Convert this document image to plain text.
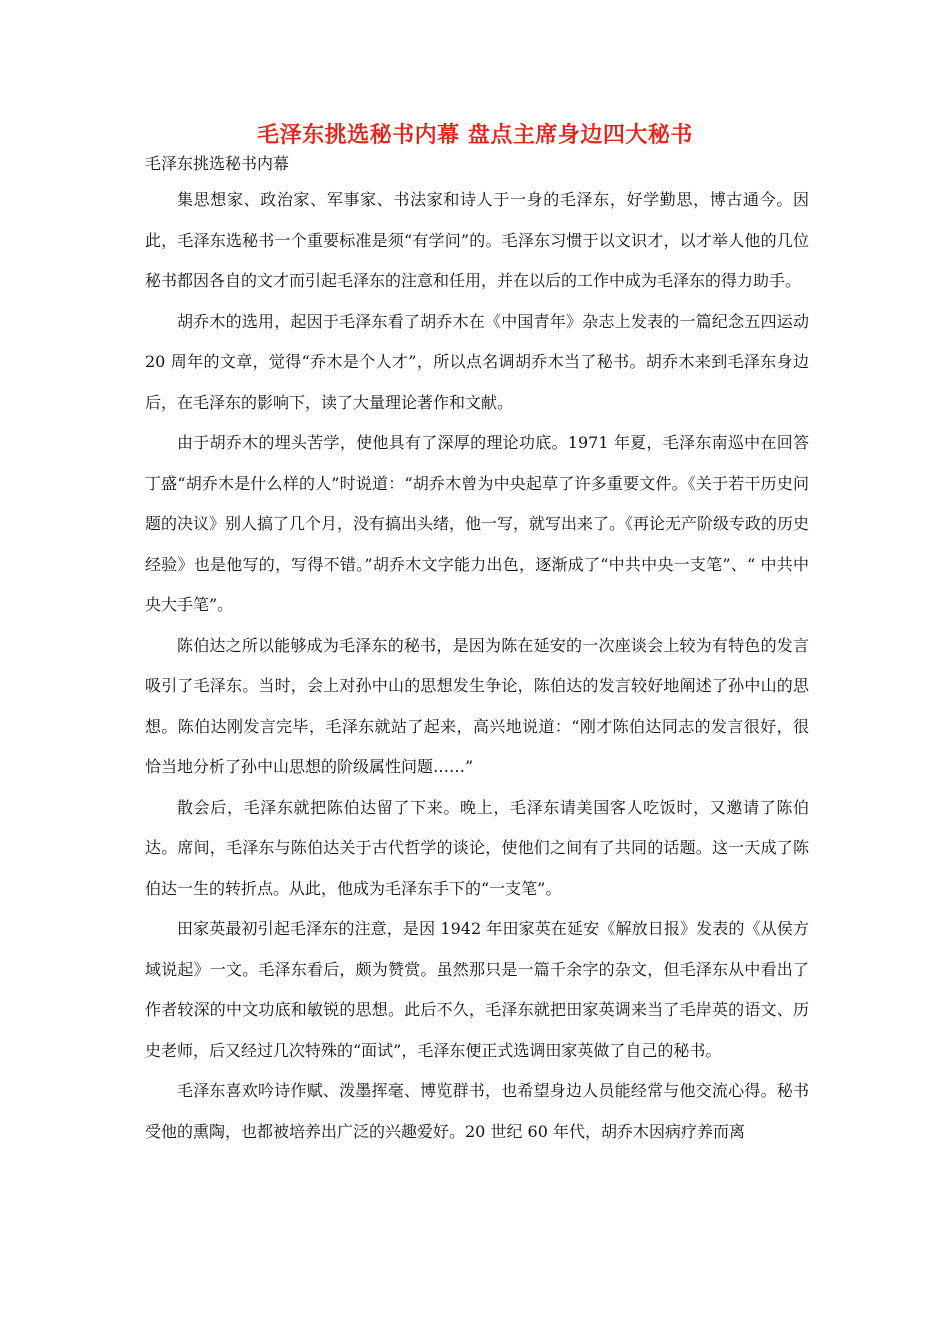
毛泽东挑选秘书内幕 盘点主席身边四大秘书
毛泽东挑选秘书内幕

集思想家、政治家、军事家、书法家和诗人于一身的毛泽东，好学勤思，博古通今。因此，毛泽东选秘书一个重要标准是须“有学问”的。毛泽东习惯于以文识才，以才举人他的几位秘书都因各自的文才而引起毛泽东的注意和任用，并在以后的工作中成为毛泽东的得力助手。

胡乔木的选用，起因于毛泽东看了胡乔木在《中国青年》杂志上发表的一篇纪念五四运动 20 周年的文章，觉得“乔木是个人才”，所以点名调胡乔木当了秘书。胡乔木来到毛泽东身边后，在毛泽东的影响下，读了大量理论著作和文献。

由于胡乔木的埋头苦学，使他具有了深厚的理论功底。1971 年夏，毛泽东南巡中在回答丁盛“胡乔木是什么样的人”时说道：“胡乔木曾为中央起草了许多重要文件。《关于若干历史问题的决议》别人搞了几个月，没有搞出头绪，他一写，就写出来了。《再论无产阶级专政的历史经验》也是他写的，写得不错。”胡乔木文字能力出色，逐渐成了“中共中央一支笔”、“ 中共中央大手笔”。

陈伯达之所以能够成为毛泽东的秘书，是因为陈在延安的一次座谈会上较为有特色的发言吸引了毛泽东。当时，会上对孙中山的思想发生争论，陈伯达的发言较好地阐述了孙中山的思想。陈伯达刚发言完毕，毛泽东就站了起来，高兴地说道：“刚才陈伯达同志的发言很好，很恰当地分析了孙中山思想的阶级属性问题……”

散会后，毛泽东就把陈伯达留了下来。晚上，毛泽东请美国客人吃饭时，又邀请了陈伯达。席间，毛泽东与陈伯达关于古代哲学的谈论，使他们之间有了共同的话题。这一天成了陈伯达一生的转折点。从此，他成为毛泽东手下的“一支笔”。

田家英最初引起毛泽东的注意，是因 1942 年田家英在延安《解放日报》发表的《从侯方域说起》一文。毛泽东看后，颇为赞赏。虽然那只是一篇千余字的杂文，但毛泽东从中看出了作者较深的中文功底和敏锐的思想。此后不久，毛泽东就把田家英调来当了毛岸英的语文、历史老师，后又经过几次特殊的“面试”，毛泽东便正式选调田家英做了自己的秘书。

毛泽东喜欢吟诗作赋、泼墨挥毫、博览群书，也希望身边人员能经常与他交流心得。秘书受他的熏陶，也都被培养出广泛的兴趣爱好。20 世纪 60 年代，胡乔木因病疗养而离
